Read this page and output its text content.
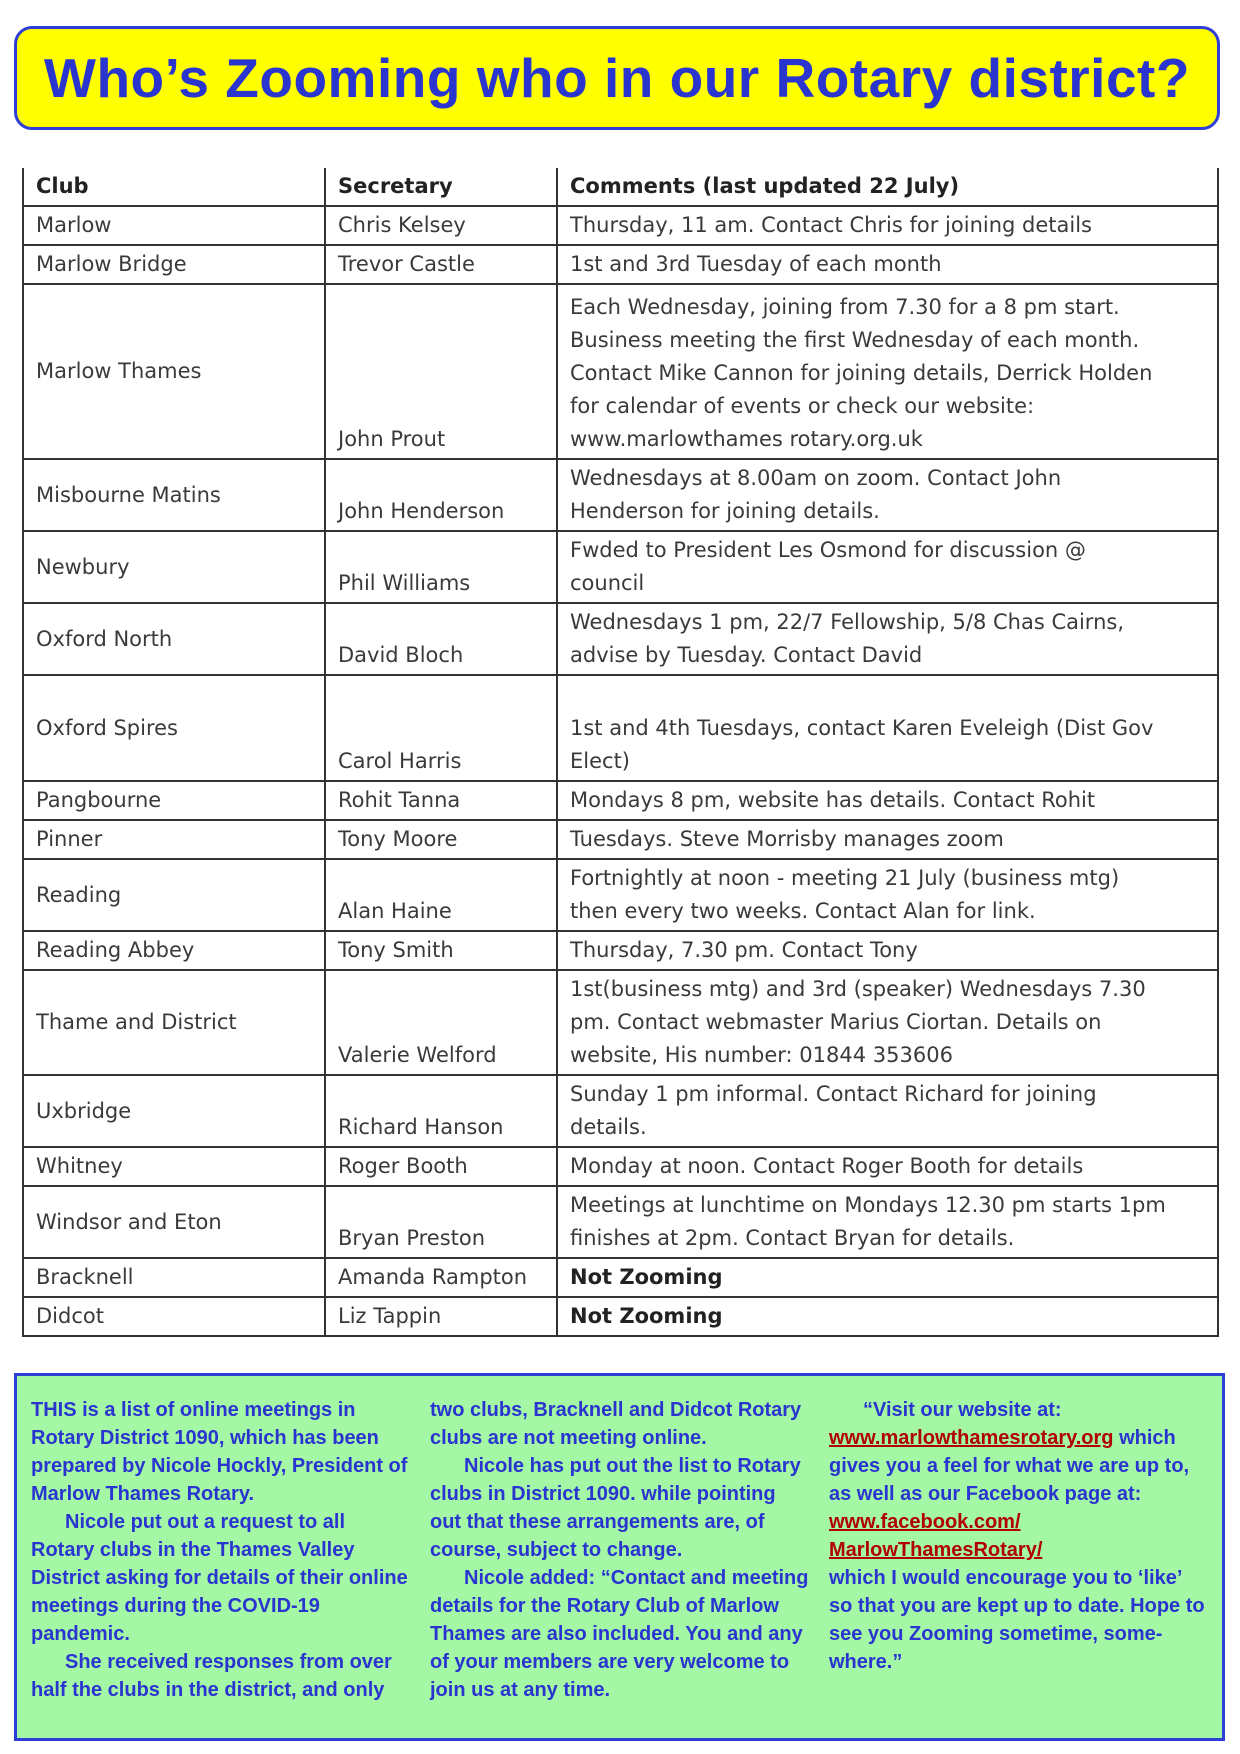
Who’s Zooming who in our Rotary district?
Club	Secretary	Comments (last updated 22 July)
Marlow	Chris Kelsey	Thursday, 11 am. Contact Chris for joining details
Marlow Bridge	Trevor Castle	1st and 3rd Tuesday of each month
Marlow Thames	John Prout	Each Wednesday, joining from 7.30 for a 8 pm start.
Business meeting the first Wednesday of each month.
Contact Mike Cannon for joining details, Derrick Holden
for calendar of events or check our website:
www.marlowthames rotary.org.uk
Misbourne Matins	John Henderson	Wednesdays at 8.00am on zoom. Contact John
Henderson for joining details.
Newbury	Phil Williams	Fwded to President Les Osmond for discussion @
council
Oxford North	David Bloch	Wednesdays 1 pm, 22/7 Fellowship, 5/8 Chas Cairns,
advise by Tuesday. Contact David
Oxford Spires	Carol Harris	1st and 4th Tuesdays, contact Karen Eveleigh (Dist Gov
Elect)
Pangbourne	Rohit Tanna	Mondays 8 pm, website has details. Contact Rohit
Pinner	Tony Moore	Tuesdays. Steve Morrisby manages zoom
Reading	Alan Haine	Fortnightly at noon - meeting 21 July (business mtg)
then every two weeks. Contact Alan for link.
Reading Abbey	Tony Smith	Thursday, 7.30 pm. Contact Tony
Thame and District	Valerie Welford	1st(business mtg) and 3rd (speaker) Wednesdays 7.30
pm. Contact webmaster Marius Ciortan. Details on
website, His number: 01844 353606
Uxbridge	Richard Hanson	Sunday 1 pm informal. Contact Richard for joining
details.
Whitney	Roger Booth	Monday at noon. Contact Roger Booth for details
Windsor and Eton	Bryan Preston	Meetings at lunchtime on Mondays 12.30 pm starts 1pm
finishes at 2pm. Contact Bryan for details.
Bracknell	Amanda Rampton	Not Zooming
Didcot	Liz Tappin	Not Zooming

THIS is a list of online meetings in Rotary District 1090, which has been prepared by Nicole Hockly, President of Marlow Thames Rotary.

Nicole put out a request to all Rotary clubs in the Thames Valley District asking for details of their online meetings during the COVID-19 pandemic.

She received responses from over half the clubs in the district, and only

two clubs, Bracknell and Didcot Rotary clubs are not meeting online.

Nicole has put out the list to Rotary clubs in District 1090. while pointing out that these arrangements are, of course, subject to change.

Nicole added: “Contact and meeting details for the Rotary Club of Marlow Thames are also included. You and any of your members are very welcome to join us at any time.

“Visit our website at:

www.marlowthamesrotary.org which gives you a feel for what we are up to, as well as our Facebook page at:

www.facebook.com/
MarlowThamesRotary/

which I would encourage you to ‘like’ so that you are kept up to date. Hope to see you Zooming sometime, some-where.”
